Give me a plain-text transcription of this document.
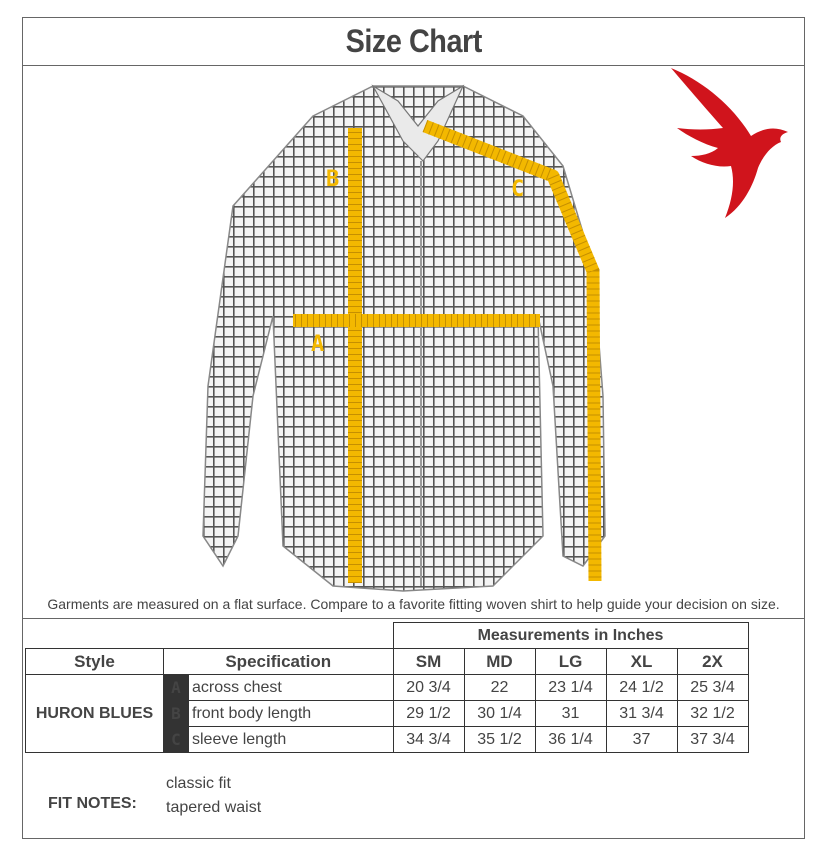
Size Chart
B
A
C
Garments are measured on a flat surface. Compare to a favorite fitting woven shirt to help guide your decision on size.
			Measurements in Inches				
Style	Specification		SM	MD	LG	XL	2X
HURON BLUES	A	across chest	20 3/4	22	23 1/4	24 1/2	25 3/4
	B	front body length	29 1/2	30 1/4	31	31 3/4	32 1/2
	C	sleeve length	34 3/4	35 1/2	36 1/4	37	37 3/4
FIT NOTES:
classic fit
tapered waist
